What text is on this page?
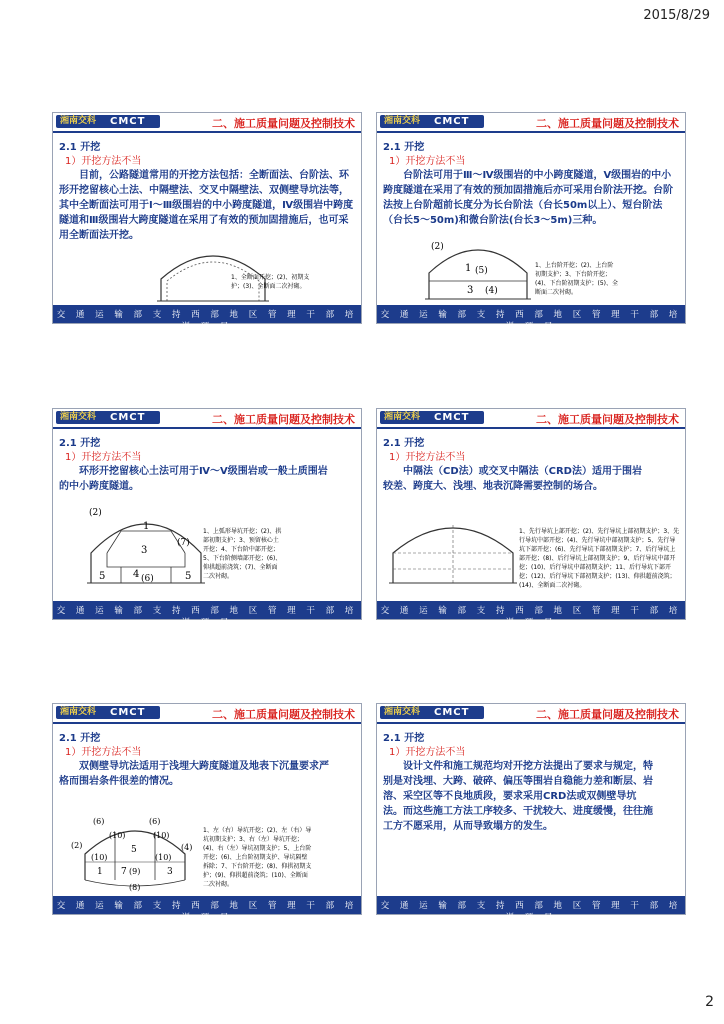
2015/8/29
湘南交科 CMCT	二、施工质量问题及控制技术
2.1 开挖
1）开挖方法不当
目前，公路隧道常用的开挖方法包括：全断面法、台阶法、环形开挖留核心土法、中隔壁法、交叉中隔壁法、双侧壁导坑法等，其中全断面法可用于Ⅰ～Ⅲ级围岩的中小跨度隧道，Ⅳ级围岩中跨度隧道和Ⅲ级围岩大跨度隧道在采用了有效的预加固措施后，也可采用全断面法开挖。
1、全断面开挖；(2)、初期支护；(3)、全断面二次衬砌。
交 通 运 输 部 支 持 西 部 地 区 管 理 干 部 培 训 项 目
湘南交科 CMCT	二、施工质量问题及控制技术
2.1 开挖
1）开挖方法不当
台阶法可用于Ⅲ～Ⅳ级围岩的中小跨度隧道，Ⅴ级围岩的中小跨度隧道在采用了有效的预加固措施后亦可采用台阶法开挖。台阶法按上台阶超前长度分为长台阶法（台长50m以上）、短台阶法（台长5～50m)和微台阶法(台长3～5m)三种。
(2)
1 (5)
3 (4)
1、上台阶开挖；(2)、上台阶初期支护；3、下台阶开挖；(4)、下台阶初期支护；(5)、全断面二次衬砌。
交 通 运 输 部 支 持 西 部 地 区 管 理 干 部 培 训 项 目
湘南交科 CMCT	二、施工质量问题及控制技术
2.1 开挖
1）开挖方法不当
环形开挖留核心土法可用于Ⅳ～Ⅴ级围岩或一般土质围岩的中小跨度隧道。
(2)
1
(7)
3
5	4 (6)	5
1、上弧形导坑开挖；(2)、拱部初期支护；3、预留核心土开挖；4、下台阶中部开挖；5、下台阶侧墙部开挖；(6)、仰拱超前浇筑；(7)、全断面二次衬砌。
交 通 运 输 部 支 持 西 部 地 区 管 理 干 部 培 训 项 目
湘南交科 CMCT	二、施工质量问题及控制技术
2.1 开挖
1）开挖方法不当
中隔法（CD法）或交叉中隔法（CRD法）适用于围岩较差、跨度大、浅埋、地表沉降需要控制的场合。
1、先行导坑上部开挖；(2)、先行导坑上部初期支护；3、先行导坑中部开挖；(4)、先行导坑中部初期支护；5、先行导坑下部开挖；(6)、先行导坑下部初期支护；7、后行导坑上部开挖；(8)、后行导坑上部初期支护；9、后行导坑中部开挖；(10)、后行导坑中部初期支护；11、后行导坑下部开挖；(12)、后行导坑下部初期支护；(13)、仰拱超前浇筑；(14)、全断面二次衬砌。
交 通 运 输 部 支 持 西 部 地 区 管 理 干 部 培 训 项 目
湘南交科 CMCT	二、施工质量问题及控制技术
2.1 开挖
1）开挖方法不当
双侧壁导坑法适用于浅埋大跨度隧道及地表下沉量要求严格而围岩条件很差的情况。
(6)	(6)
(10)	(10)
(2)	5	(4)
(10)	(10)
1 7 (9)	3
(8)
1、左（右）导坑开挖；(2)、左（右）导坑初期支护；3、右（左）导坑开挖；(4)、右（左）导坑初期支护；5、上台阶开挖；(6)、上台阶初期支护、导坑隔壁拆除；7、下台阶开挖；(8)、仰拱初期支护；(9)、仰拱超前浇筑；(10)、全断面二次衬砌。
交 通 运 输 部 支 持 西 部 地 区 管 理 干 部 培 训 项 目
湘南交科 CMCT	二、施工质量问题及控制技术
2.1 开挖
1）开挖方法不当
设计文件和施工规范均对开挖方法提出了要求与规定，特别是对浅埋、大跨、破碎、偏压等围岩自稳能力差和断层、岩溶、采空区等不良地质段，要求采用CRD法或双侧壁导坑法。而这些施工方法工序较多、干扰较大、进度缓慢，往往施工方不愿采用，从而导致塌方的发生。
交 通 运 输 部 支 持 西 部 地 区 管 理 干 部 培 训 项 目
2
